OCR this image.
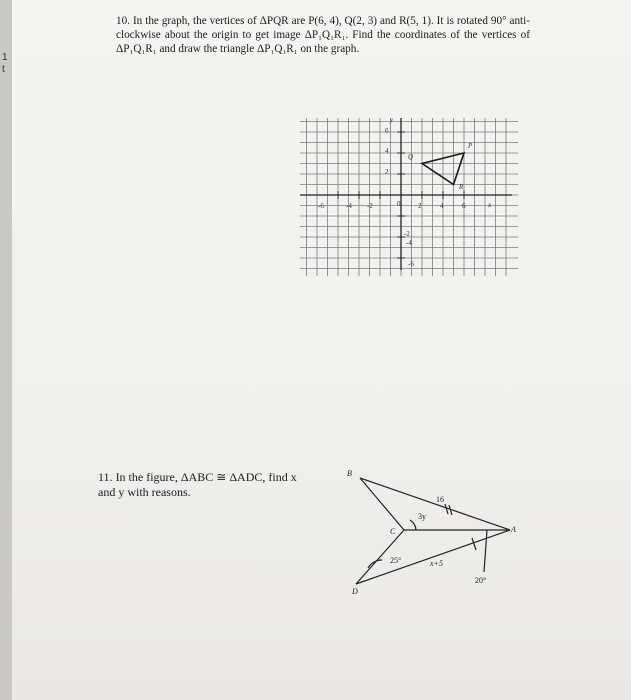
1
t

10. In the graph, the vertices of ΔPQR are P(6, 4), Q(2, 3) and R(5, 1). It is rotated 90° anti-clockwise about the origin to get image ΔP₁Q₁R₁. Find the coordinates of the vertices of ΔP₁Q₁R₁ and draw the triangle ΔP₁Q₁R₁ on the graph.

x
y
0
-6	-4 -2	2	4	6
6
4
2
-2
-4
-6
P
Q
R

11. In the figure, ΔABC ≅ ΔADC, find x and y with reasons.

B
C
D
A
16
3y
25°	x+5
20°
